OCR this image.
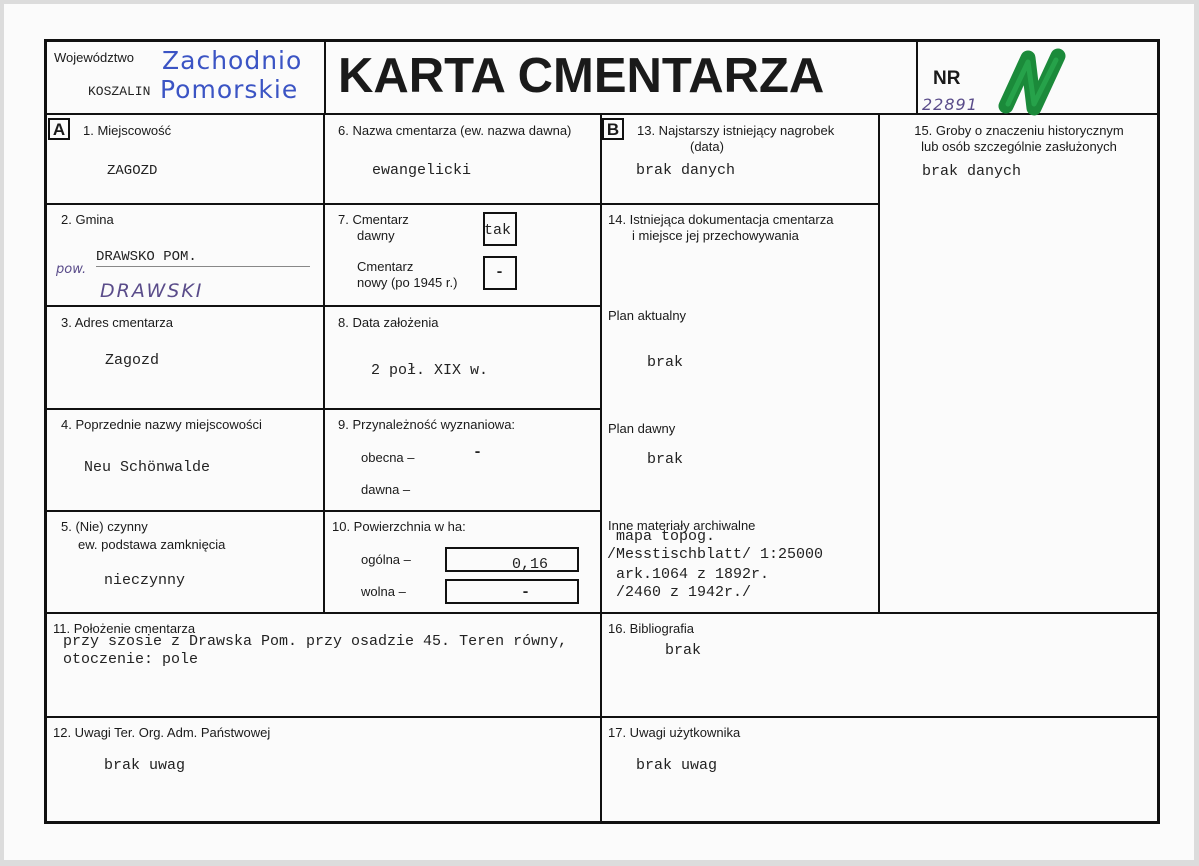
Województwo Zachodnio
Pomorskie
KOSZALIN	KARTA CMENTARZA	NR
22891
A	B
1. Miejscowość
ZAGOZD
2. Gmina
DRAWSKO POM.
pow.
DRAWSKI
3. Adres cmentarza
Zagozd
4. Poprzednie nazwy miejscowości
Neu Schönwalde
5. (Nie) czynny
ew. podstawa zamknięcia
nieczynny
6. Nazwa cmentarza (ew. nazwa dawna)
ewangelicki
7. Cmentarz
dawny	tak
Cmentarz
nowy (po 1945 r.)
-
8. Data założenia
2 poł. XIX w.
9. Przynależność wyznaniowa:
obecna –	-
dawna –
10. Powierzchnia w ha:
ogólna –	0,16
wolna –	-
11. Położenie cmentarza
przy szosie z Drawska Pom. przy osadzie 45. Teren równy,
otoczenie: pole
12. Uwagi Ter. Org. Adm. Państwowej
brak uwag
13. Najstarszy istniejący nagrobek
(data)
brak danych
14. Istniejąca dokumentacja cmentarza
i miejsce jej przechowywania
Plan aktualny
brak
Plan dawny
brak
Inne materiały archiwalne
mapa topog.
/Messtischblatt/ 1:25000
ark.1064 z 1892r.
/2460 z 1942r./
15. Groby o znaczeniu historycznym
lub osób szczególnie zasłużonych
brak danych
16. Bibliografia
brak
17. Uwagi użytkownika
brak uwag
